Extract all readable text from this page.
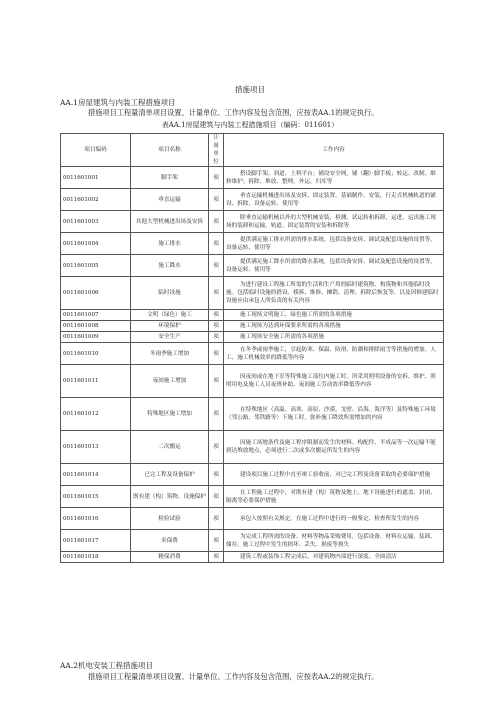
措施项目
AA.1房屋建筑与内装工程措施项目
措施项目工程量清单项目设置、计量单位、工作内容及包含范围，应按表AA.1的规定执行。
表AA.1房屋建筑与内装工程措施项目（编码：011601）
项目编码	项目名称	计量单位	工作内容
0011601001	脚手架	项	搭设脚手架、斜道、上料平台；铺设安全网，铺（翻）脚手板；转运、改制、维修维护；拆除、堆放、整理，外运、归库等
0011601002	垂直运输	项	垂直运输机械进出场及安拆，固定装置、基础制作、安装，行走式机械轨道的铺设、拆除，设备运转、使用等
0011601003	其他大型机械进出场及安拆	项	除垂直运输机械以外的大型机械安装、检测、试运转和拆卸，运进、运出施工现场的装卸和运输，轨道、固定装置的安装和拆除等
0011601004	施工排水	项	提供满足施工排水所需的排水系统，包括设备安拆、调试及配套设施的设置等，设备运转、使用等
0011601005	施工降水	项	提供满足施工降水所需的降水系统，包括设备安拆、调试及配套设施的设置等，设备运转、使用等
0011601006	临时设施	项	为进行建设工程施工所需的生活和生产用的临时建筑物、构筑物和其他临时设施。包括临时设施的搭设、移拆、维修、摊销、清理、拆除后恢复等，以及因修建临时设施应由承包人所负责的有关内容
0011601007	文明（绿色）施工	项	施工现场文明施工、绿色施工所需的各项措施
0011601008	环境保护	项	施工现场为达到环保要求所需的各项措施
0011601009	安全生产	项	施工现场安全施工所需的各项措施
0011601010	冬雨季施工增加	项	在冬季或雨季施工，引起防寒、保温、防滑、防潮和排除雨雪等措施的增加，人工、施工机械效率的降低等内容
0011601011	夜间施工增加	项	因夜间或在地下室等特殊施工部位内施工时，所采用照明设备的安拆、维护、照明用电及施工人员夜班补助、夜间施工劳动效率降低等内容
0011601012	特殊地区施工增加	项	在特殊地区（高温、高寒、高原、沙漠、戈壁、沿海、海洋等）及特殊施工环境（邻公路、邻铁路等）下施工时，弥补施工降效所需增加的内容
0011601013	二次搬运	项	因施工场地条件及施工程序限制而发生的材料、构配件、半成品等一次运输不能到达堆放地点，必须进行二次或多次搬运所发生的内容
0011601014	已完工程及设备保护	项	建设项目施工过程中直至竣工验收前，对已完工程及设备采取的必要保护措施
0011601015	既有建（构）筑物、设施保护	项	在工程施工过程中，对既有建（构）筑物及地上、地下设施进行的遮盖、封闭、隔离等必要保护措施
0011601016	检验试验	项	承包人按照有关规定，在施工过程中进行的一般鉴定、检查所发生的内容
0011601017	米保费	项	为完成工程所需的设备、材料等物品采购费用，包括设备、材料在运输、装卸、储存、施工过程中发生的损坏、丢失、损废等损失
0011601018	精保消费	项	建筑工程或装饰工程完成后，对建筑物内部进行深度、全面清洁
AA.2机电安装工程措施项目
措施项目工程量清单项目设置、计量单位、工作内容及包含范围，应按表AA.2的规定执行。
